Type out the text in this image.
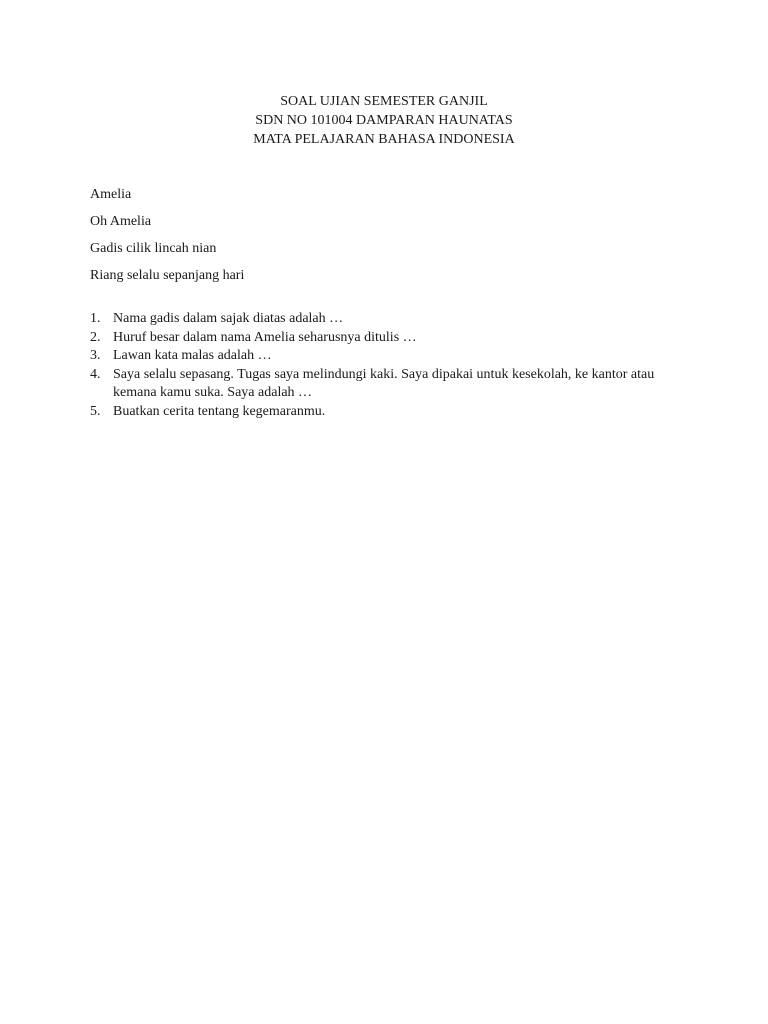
SOAL UJIAN SEMESTER GANJIL
SDN NO 101004 DAMPARAN HAUNATAS
MATA PELAJARAN BAHASA INDONESIA
Amelia
Oh Amelia
Gadis cilik lincah nian
Riang selalu sepanjang hari
1. Nama gadis dalam sajak diatas adalah …
2. Huruf besar dalam nama Amelia seharusnya ditulis …
3. Lawan kata malas adalah …
4. Saya selalu sepasang. Tugas saya melindungi kaki. Saya dipakai untuk kesekolah, ke kantor atau kemana kamu suka. Saya adalah …
5. Buatkan cerita tentang kegemaranmu.
